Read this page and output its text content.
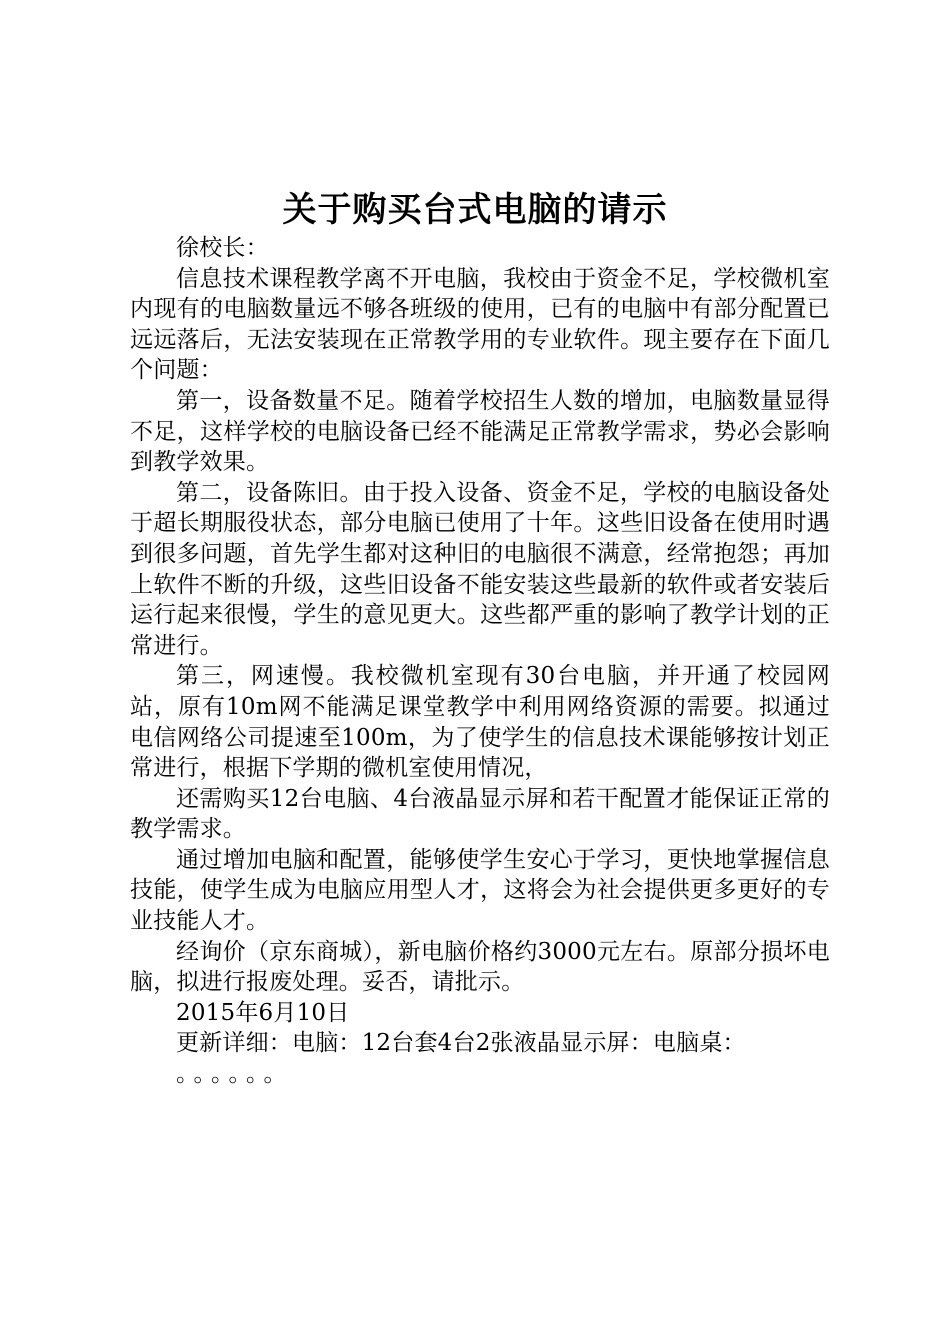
关于购买台式电脑的请示

徐校长：

信息技术课程教学离不开电脑，我校由于资金不足，学校微机室内现有的电脑数量远不够各班级的使用，已有的电脑中有部分配置已远远落后，无法安装现在正常教学用的专业软件。现主要存在下面几个问题：

第一，设备数量不足。随着学校招生人数的增加，电脑数量显得不足，这样学校的电脑设备已经不能满足正常教学需求，势必会影响到教学效果。

第二，设备陈旧。由于投入设备、资金不足，学校的电脑设备处于超长期服役状态，部分电脑已使用了十年。这些旧设备在使用时遇到很多问题，首先学生都对这种旧的电脑很不满意，经常抱怨；再加上软件不断的升级，这些旧设备不能安装这些最新的软件或者安装后运行起来很慢，学生的意见更大。这些都严重的影响了教学计划的正常进行。

第三，网速慢。我校微机室现有30台电脑，并开通了校园网站，原有10m网不能满足课堂教学中利用网络资源的需要。拟通过电信网络公司提速至100m，为了使学生的信息技术课能够按计划正常进行，根据下学期的微机室使用情况，

还需购买12台电脑、4台液晶显示屏和若干配置才能保证正常的教学需求。

通过增加电脑和配置，能够使学生安心于学习，更快地掌握信息技能，使学生成为电脑应用型人才，这将会为社会提供更多更好的专业技能人才。

经询价（京东商城），新电脑价格约3000元左右。原部分损坏电脑，拟进行报废处理。妥否，请批示。

2015年6月10日

更新详细：电脑：12台套4台2张液晶显示屏：电脑桌：

。。。。。。
